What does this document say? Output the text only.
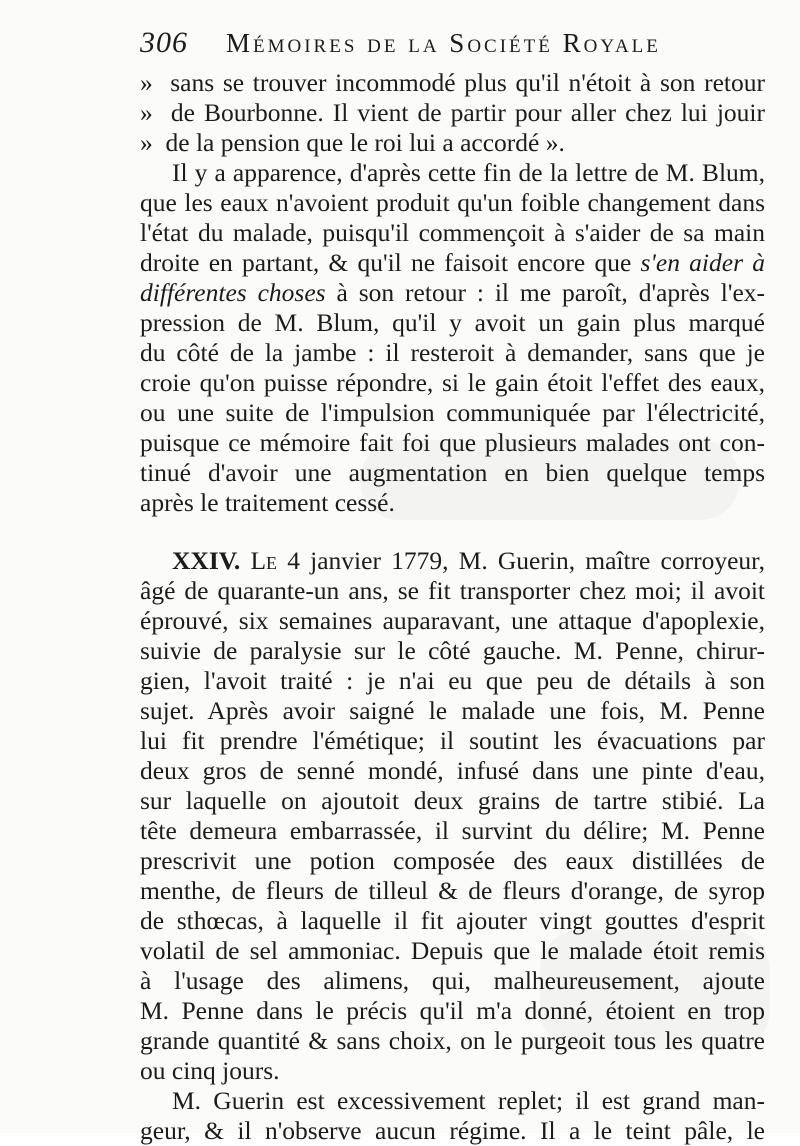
306 Mémoires de la Société Royale
»  sans se trouver incommodé plus qu'il n'étoit à son retour
»  de Bourbonne. Il vient de partir pour aller chez lui jouir
»  de la pension que le roi lui a accordé ».
Il y a apparence, d'après cette fin de la lettre de M. Blum,
que les eaux n'avoient produit qu'un foible changement dans
l'état du malade, puisqu'il commençoit à s'aider de sa main
droite en partant, & qu'il ne faisoit encore que s'en aider à
différentes choses à son retour : il me paroît, d'après l'ex-
pression de M. Blum, qu'il y avoit un gain plus marqué
du côté de la jambe : il resteroit à demander, sans que je
croie qu'on puisse répondre, si le gain étoit l'effet des eaux,
ou une suite de l'impulsion communiquée par l'électricité,
puisque ce mémoire fait foi que plusieurs malades ont con-
tinué d'avoir une augmentation en bien quelque temps
après le traitement cessé.
XXIV. Le 4 janvier 1779, M. Guerin, maître corroyeur,
âgé de quarante-un ans, se fit transporter chez moi; il avoit
éprouvé, six semaines auparavant, une attaque d'apoplexie,
suivie de paralysie sur le côté gauche. M. Penne, chirur-
gien, l'avoit traité : je n'ai eu que peu de détails à son
sujet. Après avoir saigné le malade une fois, M. Penne
lui fit prendre l'émétique; il soutint les évacuations par
deux gros de senné mondé, infusé dans une pinte d'eau,
sur laquelle on ajoutoit deux grains de tartre stibié. La
tête demeura embarrassée, il survint du délire; M. Penne
prescrivit une potion composée des eaux distillées de
menthe, de fleurs de tilleul & de fleurs d'orange, de syrop
de sthœcas, à laquelle il fit ajouter vingt gouttes d'esprit
volatil de sel ammoniac. Depuis que le malade étoit remis
à l'usage des alimens, qui, malheureusement, ajoute
M. Penne dans le précis qu'il m'a donné, étoient en trop
grande quantité & sans choix, on le purgeoit tous les quatre
ou cinq jours.
M. Guerin est excessivement replet; il est grand man-
geur, & il n'observe aucun régime. Il a le teint pâle, le
